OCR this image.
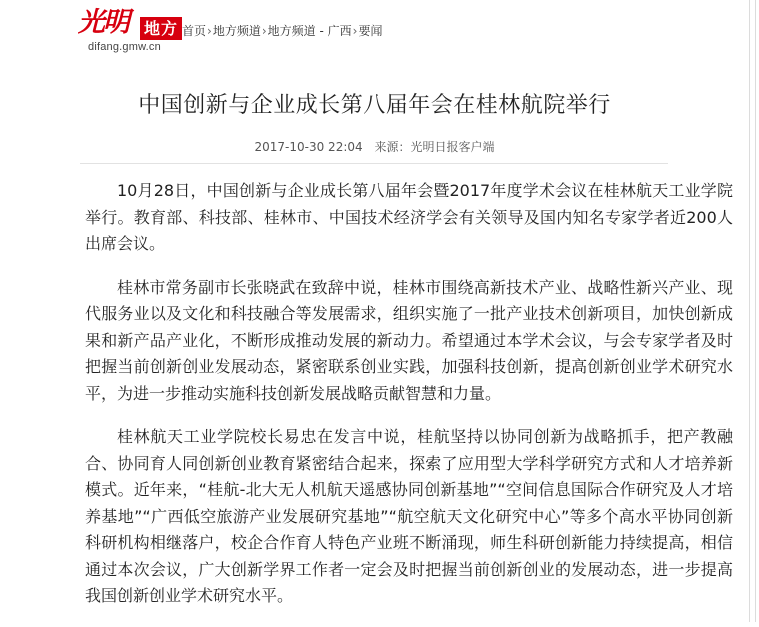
光明 地方
difang.gmw.cn
首页›地方频道›地方频道 - 广西›要闻
中国创新与企业成长第八届年会在桂林航院举行
2017-10-30 22:04 来源：光明日报客户端

10月28日，中国创新与企业成长第八届年会暨2017年度学术会议在桂林航天工业学院举行。教育部、科技部、桂林市、中国技术经济学会有关领导及国内知名专家学者近200人出席会议。

桂林市常务副市长张晓武在致辞中说，桂林市围绕高新技术产业、战略性新兴产业、现代服务业以及文化和科技融合等发展需求，组织实施了一批产业技术创新项目，加快创新成果和新产品产业化，不断形成推动发展的新动力。希望通过本学术会议，与会专家学者及时把握当前创新创业发展动态，紧密联系创业实践，加强科技创新，提高创新创业学术研究水平，为进一步推动实施科技创新发展战略贡献智慧和力量。

桂林航天工业学院校长易忠在发言中说，桂航坚持以协同创新为战略抓手，把产教融合、协同育人同创新创业教育紧密结合起来，探索了应用型大学科学研究方式和人才培养新模式。近年来，“桂航-北大无人机航天遥感协同创新基地”“空间信息国际合作研究及人才培养基地”“广西低空旅游产业发展研究基地”“航空航天文化研究中心”等多个高水平协同创新科研机构相继落户，校企合作育人特色产业班不断涌现，师生科研创新能力持续提高，相信通过本次会议，广大创新学界工作者一定会及时把握当前创新创业的发展动态，进一步提高我国创新创业学术研究水平。
